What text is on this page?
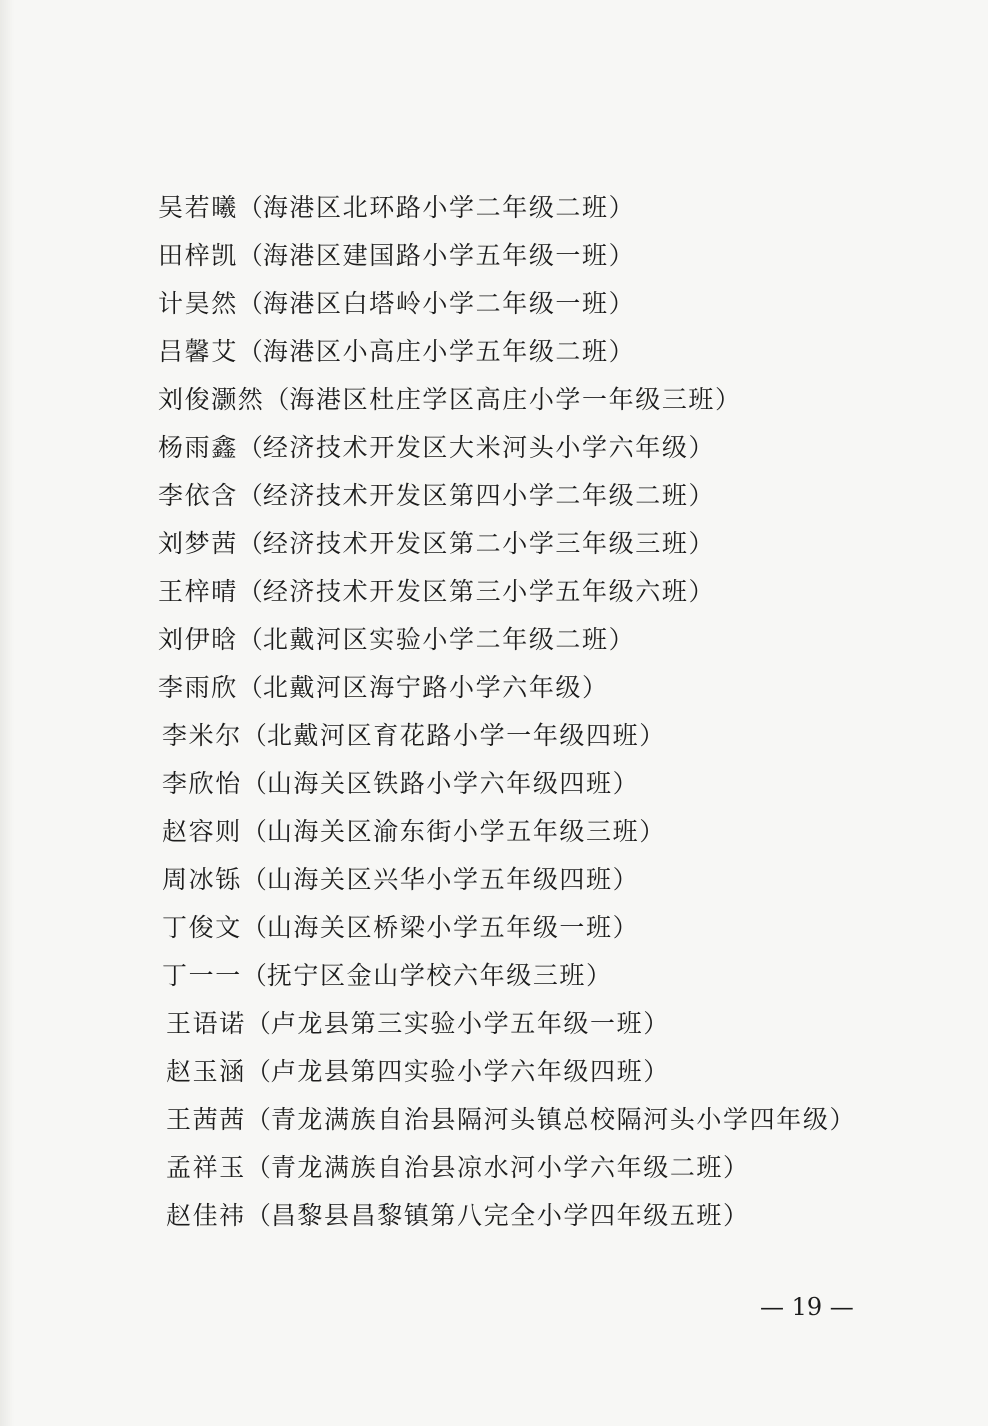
吴若曦（海港区北环路小学二年级二班）
田梓凯（海港区建国路小学五年级一班）
计昊然（海港区白塔岭小学二年级一班）
吕馨艾（海港区小高庄小学五年级二班）
刘俊灏然（海港区杜庄学区高庄小学一年级三班）
杨雨鑫（经济技术开发区大米河头小学六年级）
李依含（经济技术开发区第四小学二年级二班）
刘梦茜（经济技术开发区第二小学三年级三班）
王梓晴（经济技术开发区第三小学五年级六班）
刘伊晗（北戴河区实验小学二年级二班）
李雨欣（北戴河区海宁路小学六年级）
李米尔（北戴河区育花路小学一年级四班）
李欣怡（山海关区铁路小学六年级四班）
赵容则（山海关区渝东街小学五年级三班）
周冰铄（山海关区兴华小学五年级四班）
丁俊文（山海关区桥梁小学五年级一班）
丁一一（抚宁区金山学校六年级三班）
王语诺（卢龙县第三实验小学五年级一班）
赵玉涵（卢龙县第四实验小学六年级四班）
王茜茜（青龙满族自治县隔河头镇总校隔河头小学四年级）
孟祥玉（青龙满族自治县凉水河小学六年级二班）
赵佳祎（昌黎县昌黎镇第八完全小学四年级五班）
— 19 —
